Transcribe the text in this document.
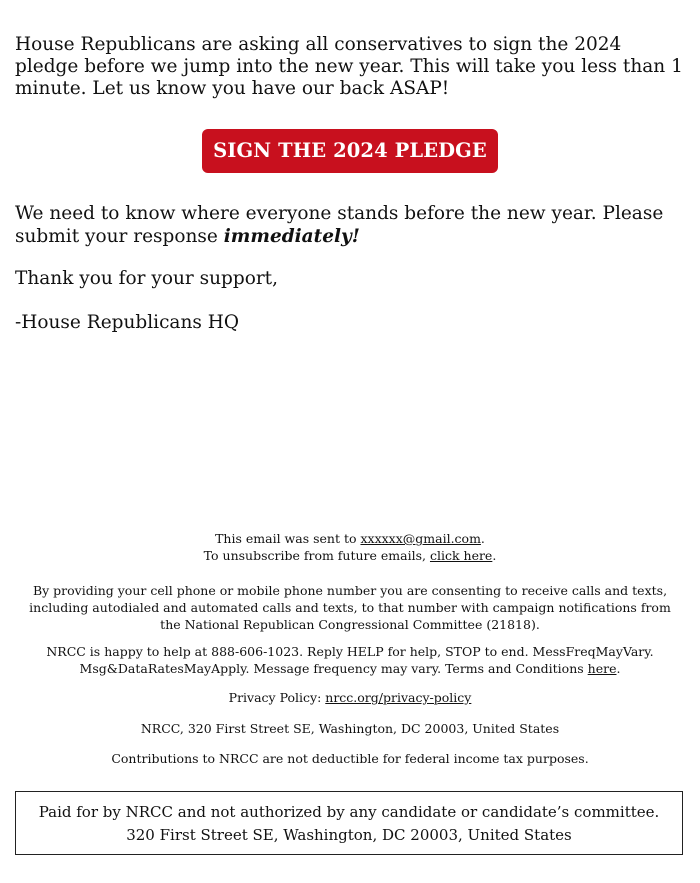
House Republicans are asking all conservatives to sign the 2024 pledge before we jump into the new year. This will take you less than 1 minute. Let us know you have our back ASAP!

SIGN THE 2024 PLEDGE

We need to know where everyone stands before the new year. Please submit your response immediately!

Thank you for your support,

-House Republicans HQ

This email was sent to xxxxxx@gmail.com.

To unsubscribe from future emails, click here.

By providing your cell phone or mobile phone number you are consenting to receive calls and texts, including autodialed and automated calls and texts, to that number with campaign notifications from the National Republican Congressional Committee (21818).

NRCC is happy to help at 888-606-1023. Reply HELP for help, STOP to end. MessFreqMayVary. Msg&DataRatesMayApply. Message frequency may vary. Terms and Conditions here.

Privacy Policy: nrcc.org/privacy-policy

NRCC, 320 First Street SE, Washington, DC 20003, United States

Contributions to NRCC are not deductible for federal income tax purposes.

Paid for by NRCC and not authorized by any candidate or candidate’s committee. 320 First Street SE, Washington, DC 20003, United States
